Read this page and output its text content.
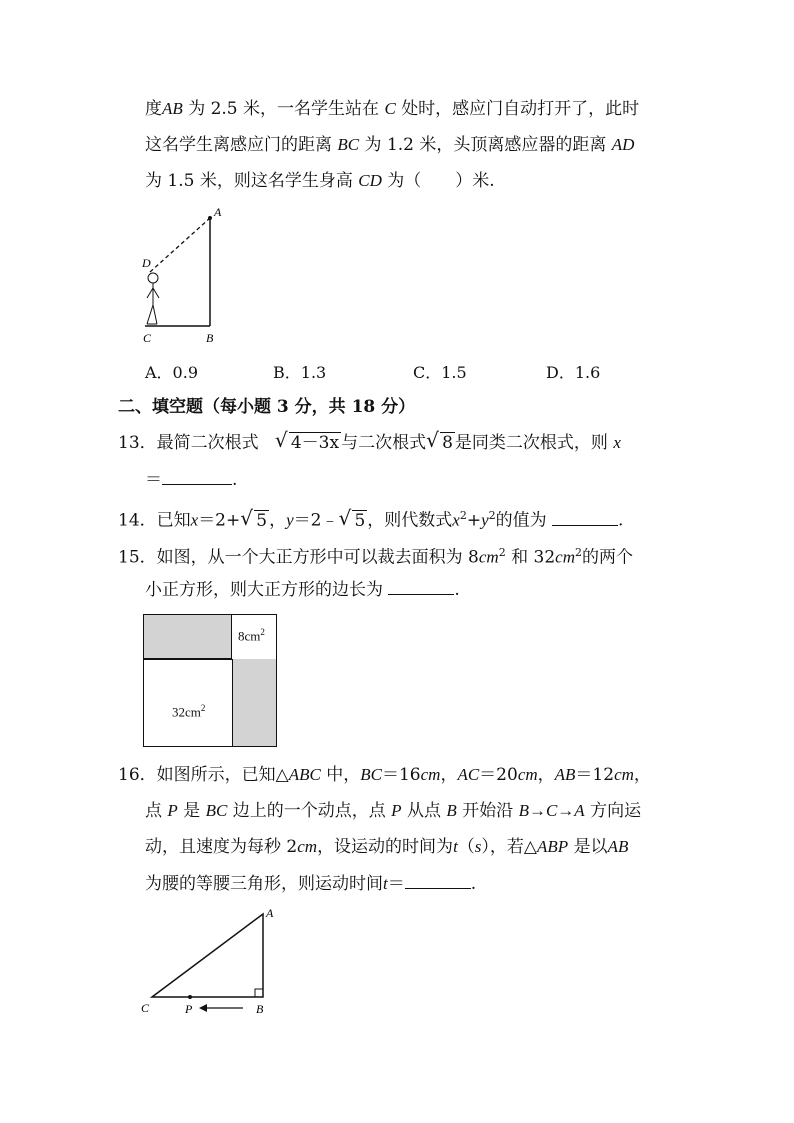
度AB 为 2.5 米，一名学生站在 C 处时，感应门自动打开了，此时
这名学生离感应门的距离 BC 为 1.2 米，头顶离感应器的距离 AD
为 1.5 米，则这名学生身高 CD 为（　　）米.
A
D
C	B
A．0.9	B．1.3	C．1.5	D．1.6
二、填空题（每小题 3 分，共 18 分）
13．最简二次根式 √ 4－3x 与二次根式 √ 8 是同类二次根式，则 x
＝	.
14．已知x＝2+ √ 5 ，y＝2﹣ √ 5 ，则代数式$x^2+y^2$的值为	.
15．如图，从一个大正方形中可以裁去面积为 $8cm^2$ 和 $32cm^2$的两个
小正方形，则大正方形的边长为	.
$8cm^2$
$32cm^2$
16．如图所示，已知△ABC 中，BC＝16cm，AC＝20cm，AB＝12cm，
点 P 是 BC 边上的一个动点，点 P 从点 B 开始沿 B→C→A 方向运
动，且速度为每秒 2cm，设运动的时间为t（s），若△ABP 是以AB
为腰的等腰三角形，则运动时间t＝	.
A
C	P	B
